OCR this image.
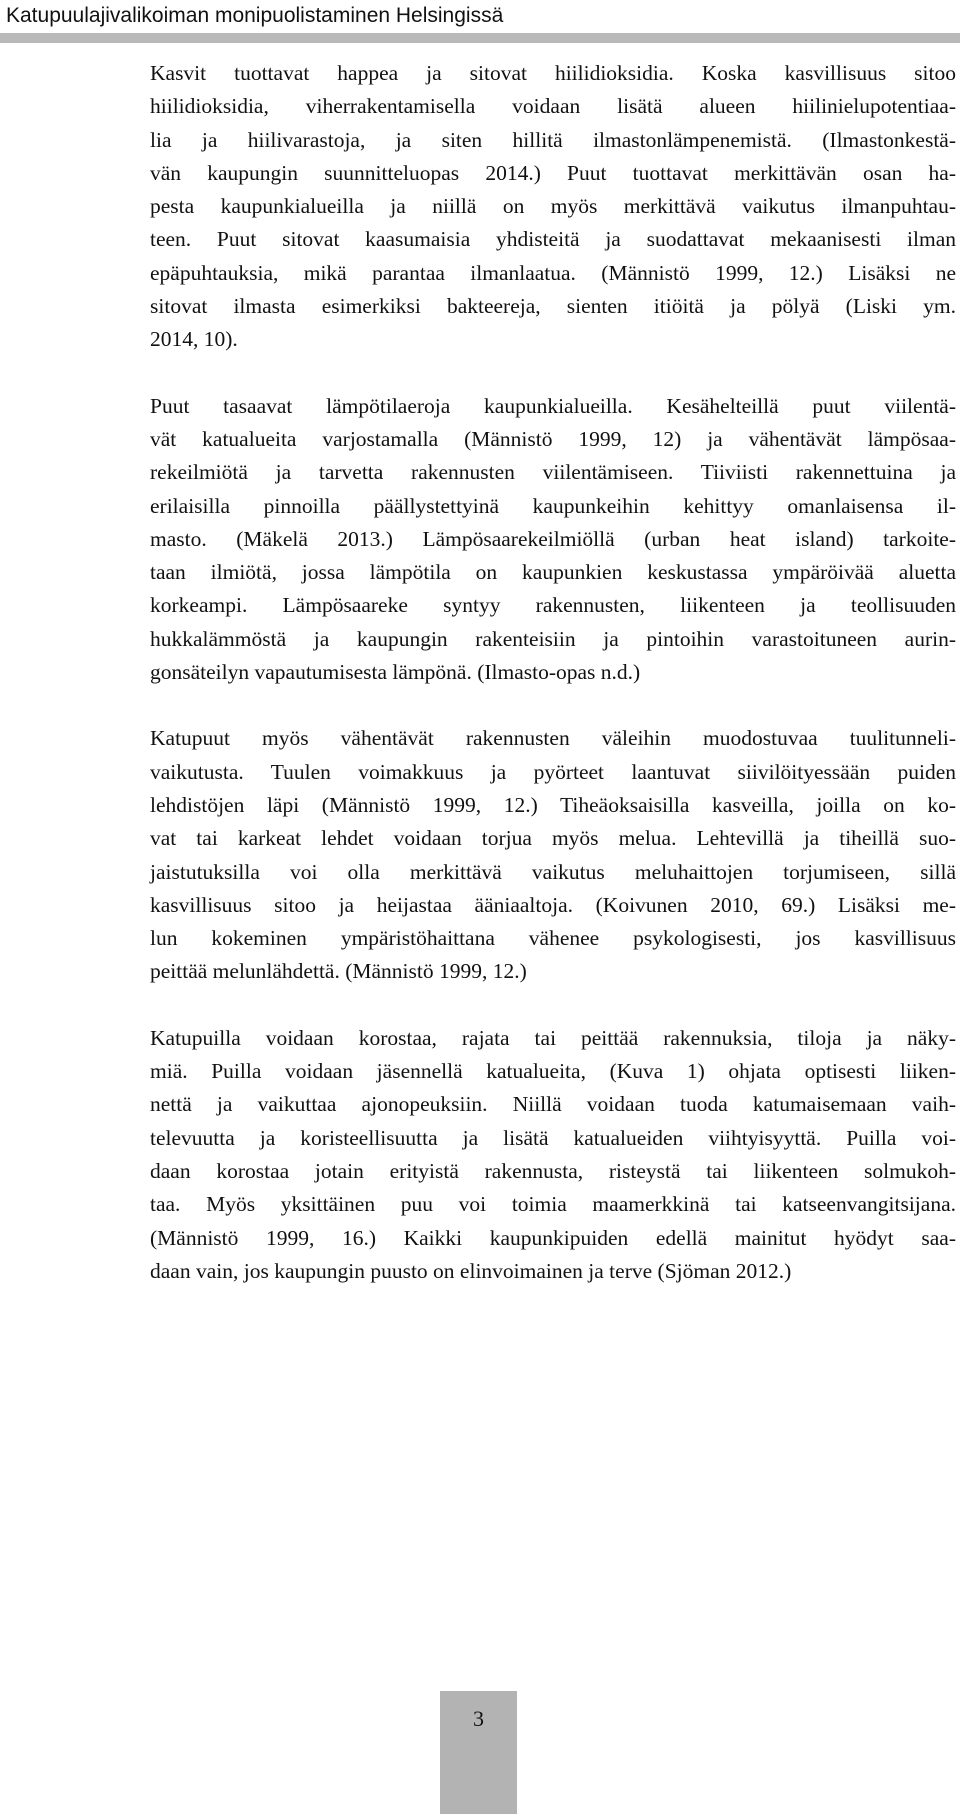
Katupuulajivalikoiman monipuolistaminen Helsingissä

Kasvit tuottavat happea ja sitovat hiilidioksidia. Koska kasvillisuus sitoo
hiilidioksidia, viherrakentamisella voidaan lisätä alueen hiilinielupotentiaa-
lia ja hiilivarastoja, ja siten hillitä ilmastonlämpenemistä. (Ilmastonkestä-
vän kaupungin suunnitteluopas 2014.) Puut tuottavat merkittävän osan ha-
pesta kaupunkialueilla ja niillä on myös merkittävä vaikutus ilmanpuhtau-
teen. Puut sitovat kaasumaisia yhdisteitä ja suodattavat mekaanisesti ilman
epäpuhtauksia, mikä parantaa ilmanlaatua. (Männistö 1999, 12.) Lisäksi ne
sitovat ilmasta esimerkiksi bakteereja, sienten itiöitä ja pölyä (Liski ym.
2014, 10).

Puut tasaavat lämpötilaeroja kaupunkialueilla. Kesähelteillä puut viilentä-
vät katualueita varjostamalla (Männistö 1999, 12) ja vähentävät lämpösaa-
rekeilmiötä ja tarvetta rakennusten viilentämiseen. Tiiviisti rakennettuina ja
erilaisilla pinnoilla päällystettyinä kaupunkeihin kehittyy omanlaisensa il-
masto. (Mäkelä 2013.) Lämpösaarekeilmiöllä (urban heat island) tarkoite-
taan ilmiötä, jossa lämpötila on kaupunkien keskustassa ympäröivää aluetta
korkeampi. Lämpösaareke syntyy rakennusten, liikenteen ja teollisuuden
hukkalämmöstä ja kaupungin rakenteisiin ja pintoihin varastoituneen aurin-
gonsäteilyn vapautumisesta lämpönä. (Ilmasto-opas n.d.)

Katupuut myös vähentävät rakennusten väleihin muodostuvaa tuulitunneli-
vaikutusta. Tuulen voimakkuus ja pyörteet laantuvat siivilöityessään puiden
lehdistöjen läpi (Männistö 1999, 12.) Tiheäoksaisilla kasveilla, joilla on ko-
vat tai karkeat lehdet voidaan torjua myös melua. Lehtevillä ja tiheillä suo-
jaistutuksilla voi olla merkittävä vaikutus meluhaittojen torjumiseen, sillä
kasvillisuus sitoo ja heijastaa ääniaaltoja. (Koivunen 2010, 69.) Lisäksi me-
lun kokeminen ympäristöhaittana vähenee psykologisesti, jos kasvillisuus
peittää melunlähdettä. (Männistö 1999, 12.)

Katupuilla voidaan korostaa, rajata tai peittää rakennuksia, tiloja ja näky-
miä. Puilla voidaan jäsennellä katualueita, (Kuva 1) ohjata optisesti liiken-
nettä ja vaikuttaa ajonopeuksiin. Niillä voidaan tuoda katumaisemaan vaih-
televuutta ja koristeellisuutta ja lisätä katualueiden viihtyisyyttä. Puilla voi-
daan korostaa jotain erityistä rakennusta, risteystä tai liikenteen solmukoh-
taa. Myös yksittäinen puu voi toimia maamerkkinä tai katseenvangitsijana.
(Männistö 1999, 16.) Kaikki kaupunkipuiden edellä mainitut hyödyt saa-
daan vain, jos kaupungin puusto on elinvoimainen ja terve (Sjöman 2012.)

3
